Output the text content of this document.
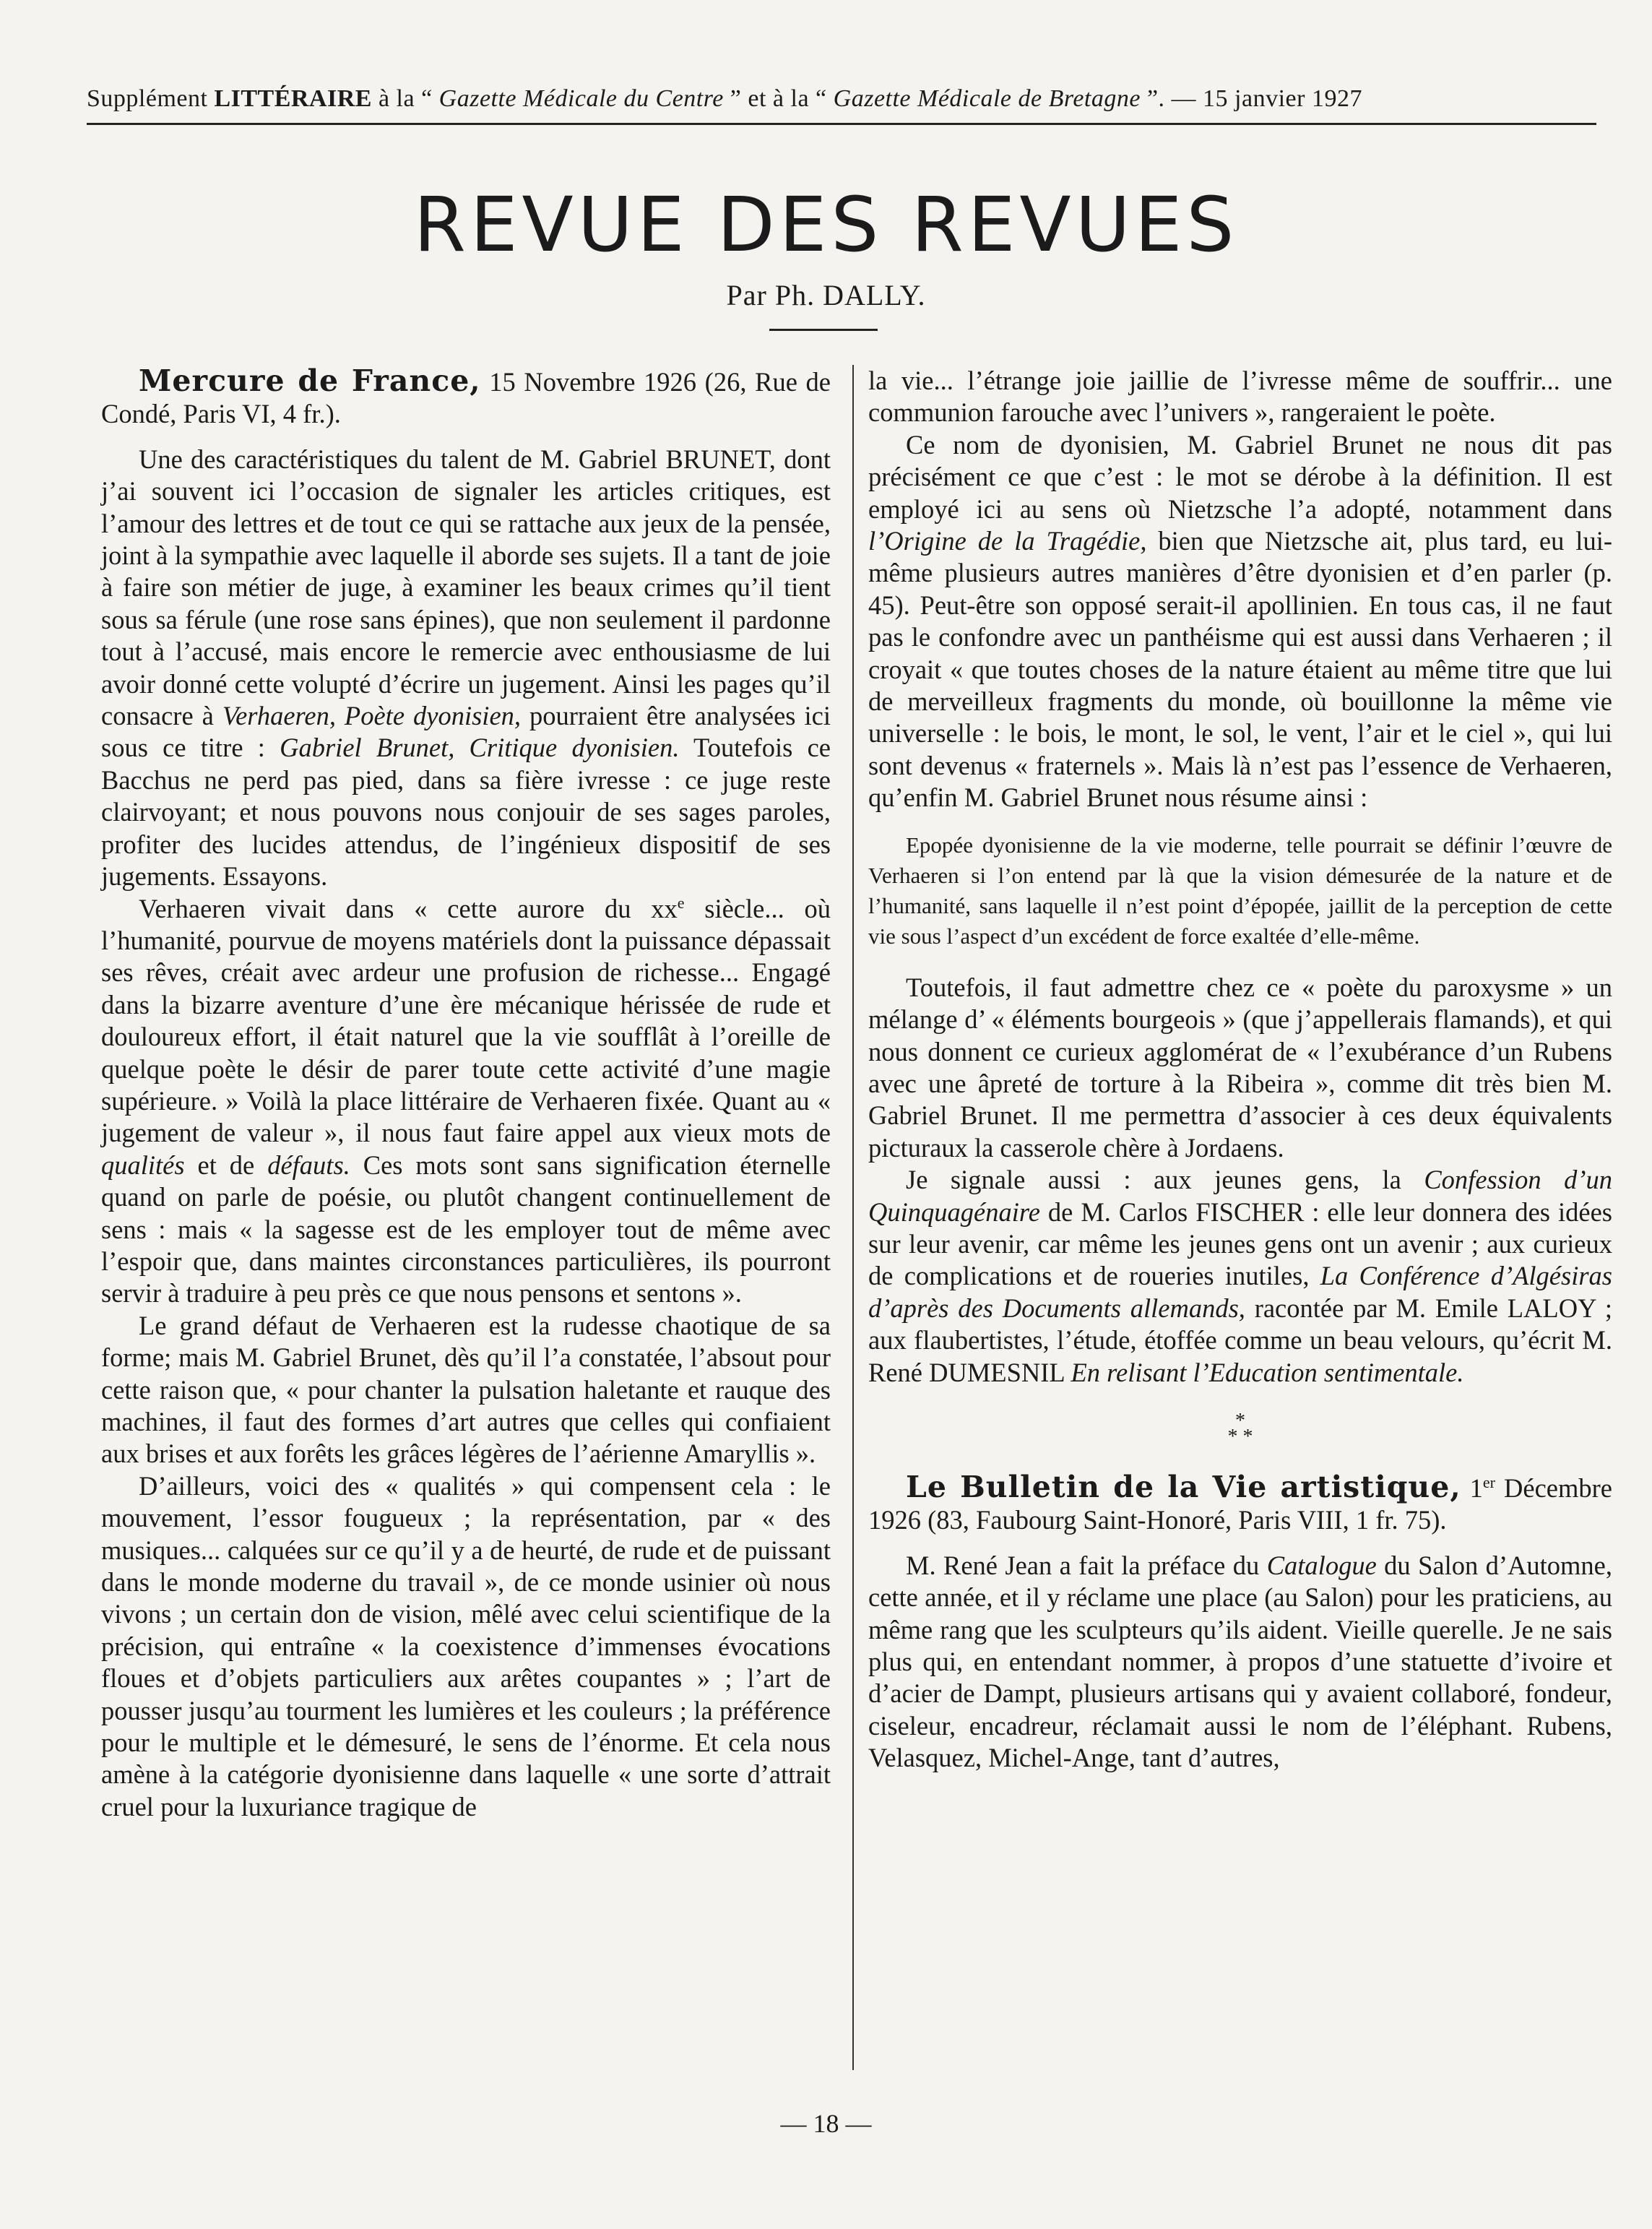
Supplément LITTÉRAIRE à la “ Gazette Médicale du Centre ” et à la “ Gazette Médicale de Bretagne ”. — 15 janvier 1927
REVUE DES REVUES
Par Ph. DALLY.

Mercure de France, 15 Novembre 1926 (26, Rue de Condé, Paris VI, 4 fr.).

Une des caractéristiques du talent de M. Gabriel BRUNET, dont j’ai souvent ici l’occasion de signaler les articles critiques, est l’amour des lettres et de tout ce qui se rattache aux jeux de la pensée, joint à la sympathie avec laquelle il aborde ses sujets. Il a tant de joie à faire son métier de juge, à examiner les beaux crimes qu’il tient sous sa férule (une rose sans épines), que non seulement il pardonne tout à l’accusé, mais encore le remercie avec enthousiasme de lui avoir donné cette volupté d’écrire un jugement. Ainsi les pages qu’il consacre à Verhaeren, Poète dyonisien, pourraient être analysées ici sous ce titre : Gabriel Brunet, Critique dyonisien. Toutefois ce Bacchus ne perd pas pied, dans sa fière ivresse : ce juge reste clairvoyant; et nous pouvons nous conjouir de ses sages paroles, profiter des lucides attendus, de l’ingénieux dispositif de ses jugements. Essayons.

Verhaeren vivait dans « cette aurore du $xx^e$ siècle... où l’humanité, pourvue de moyens matériels dont la puissance dépassait ses rêves, créait avec ardeur une profusion de richesse... Engagé dans la bizarre aventure d’une ère mécanique hérissée de rude et douloureux effort, il était naturel que la vie soufflât à l’oreille de quelque poète le désir de parer toute cette activité d’une magie supérieure. » Voilà la place littéraire de Verhaeren fixée. Quant au « jugement de valeur », il nous faut faire appel aux vieux mots de qualités et de défauts. Ces mots sont sans signification éternelle quand on parle de poésie, ou plutôt changent continuellement de sens : mais « la sagesse est de les employer tout de même avec l’espoir que, dans maintes circonstances particulières, ils pourront servir à traduire à peu près ce que nous pensons et sentons ».

Le grand défaut de Verhaeren est la rudesse chaotique de sa forme; mais M. Gabriel Brunet, dès qu’il l’a constatée, l’absout pour cette raison que, « pour chanter la pulsation haletante et rauque des machines, il faut des formes d’art autres que celles qui confiaient aux brises et aux forêts les grâces légères de l’aérienne Amaryllis ».

D’ailleurs, voici des « qualités » qui compensent cela : le mouvement, l’essor fougueux ; la représentation, par « des musiques... calquées sur ce qu’il y a de heurté, de rude et de puissant dans le monde moderne du travail », de ce monde usinier où nous vivons ; un certain don de vision, mêlé avec celui scientifique de la précision, qui entraîne « la coexistence d’immenses évocations floues et d’objets particuliers aux arêtes coupantes » ; l’art de pousser jusqu’au tourment les lumières et les couleurs ; la préférence pour le multiple et le démesuré, le sens de l’énorme. Et cela nous amène à la catégorie dyonisienne dans laquelle « une sorte d’attrait cruel pour la luxuriance tragique de

la vie... l’étrange joie jaillie de l’ivresse même de souffrir... une communion farouche avec l’univers », rangeraient le poète.

Ce nom de dyonisien, M. Gabriel Brunet ne nous dit pas précisément ce que c’est : le mot se dérobe à la définition. Il est employé ici au sens où Nietzsche l’a adopté, notamment dans l’Origine de la Tragédie, bien que Nietzsche ait, plus tard, eu lui-même plusieurs autres manières d’être dyonisien et d’en parler (p. 45). Peut-être son opposé serait-il apollinien. En tous cas, il ne faut pas le confondre avec un panthéisme qui est aussi dans Verhaeren ; il croyait « que toutes choses de la nature étaient au même titre que lui de merveilleux fragments du monde, où bouillonne la même vie universelle : le bois, le mont, le sol, le vent, l’air et le ciel », qui lui sont devenus « fraternels ». Mais là n’est pas l’essence de Verhaeren, qu’enfin M. Gabriel Brunet nous résume ainsi :

Epopée dyonisienne de la vie moderne, telle pourrait se définir l’œuvre de Verhaeren si l’on entend par là que la vision démesurée de la nature et de l’humanité, sans laquelle il n’est point d’épopée, jaillit de la perception de cette vie sous l’aspect d’un excédent de force exaltée d’elle-même.

Toutefois, il faut admettre chez ce « poète du paroxysme » un mélange d’ « éléments bourgeois » (que j’appellerais flamands), et qui nous donnent ce curieux agglomérat de « l’exubérance d’un Rubens avec une âpreté de torture à la Ribeira », comme dit très bien M. Gabriel Brunet. Il me permettra d’associer à ces deux équivalents picturaux la casserole chère à Jordaens.

Je signale aussi : aux jeunes gens, la Confession d’un Quinquagénaire de M. Carlos FISCHER : elle leur donnera des idées sur leur avenir, car même les jeunes gens ont un avenir ; aux curieux de complications et de roueries inutiles, La Conférence d’Algésiras d’après des Documents allemands, racontée par M. Emile LALOY ; aux flaubertistes, l’étude, étoffée comme un beau velours, qu’écrit M. René DUMESNIL En relisant l’Education sentimentale.

*
* *

Le Bulletin de la Vie artistique, 1er Décembre 1926 (83, Faubourg Saint-Honoré, Paris VIII, 1 fr. 75).

M. René Jean a fait la préface du Catalogue du Salon d’Automne, cette année, et il y réclame une place (au Salon) pour les praticiens, au même rang que les sculpteurs qu’ils aident. Vieille querelle. Je ne sais plus qui, en entendant nommer, à propos d’une statuette d’ivoire et d’acier de Dampt, plusieurs artisans qui y avaient collaboré, fondeur, ciseleur, encadreur, réclamait aussi le nom de l’éléphant. Rubens, Velasquez, Michel-Ange, tant d’autres,

— 18 —
